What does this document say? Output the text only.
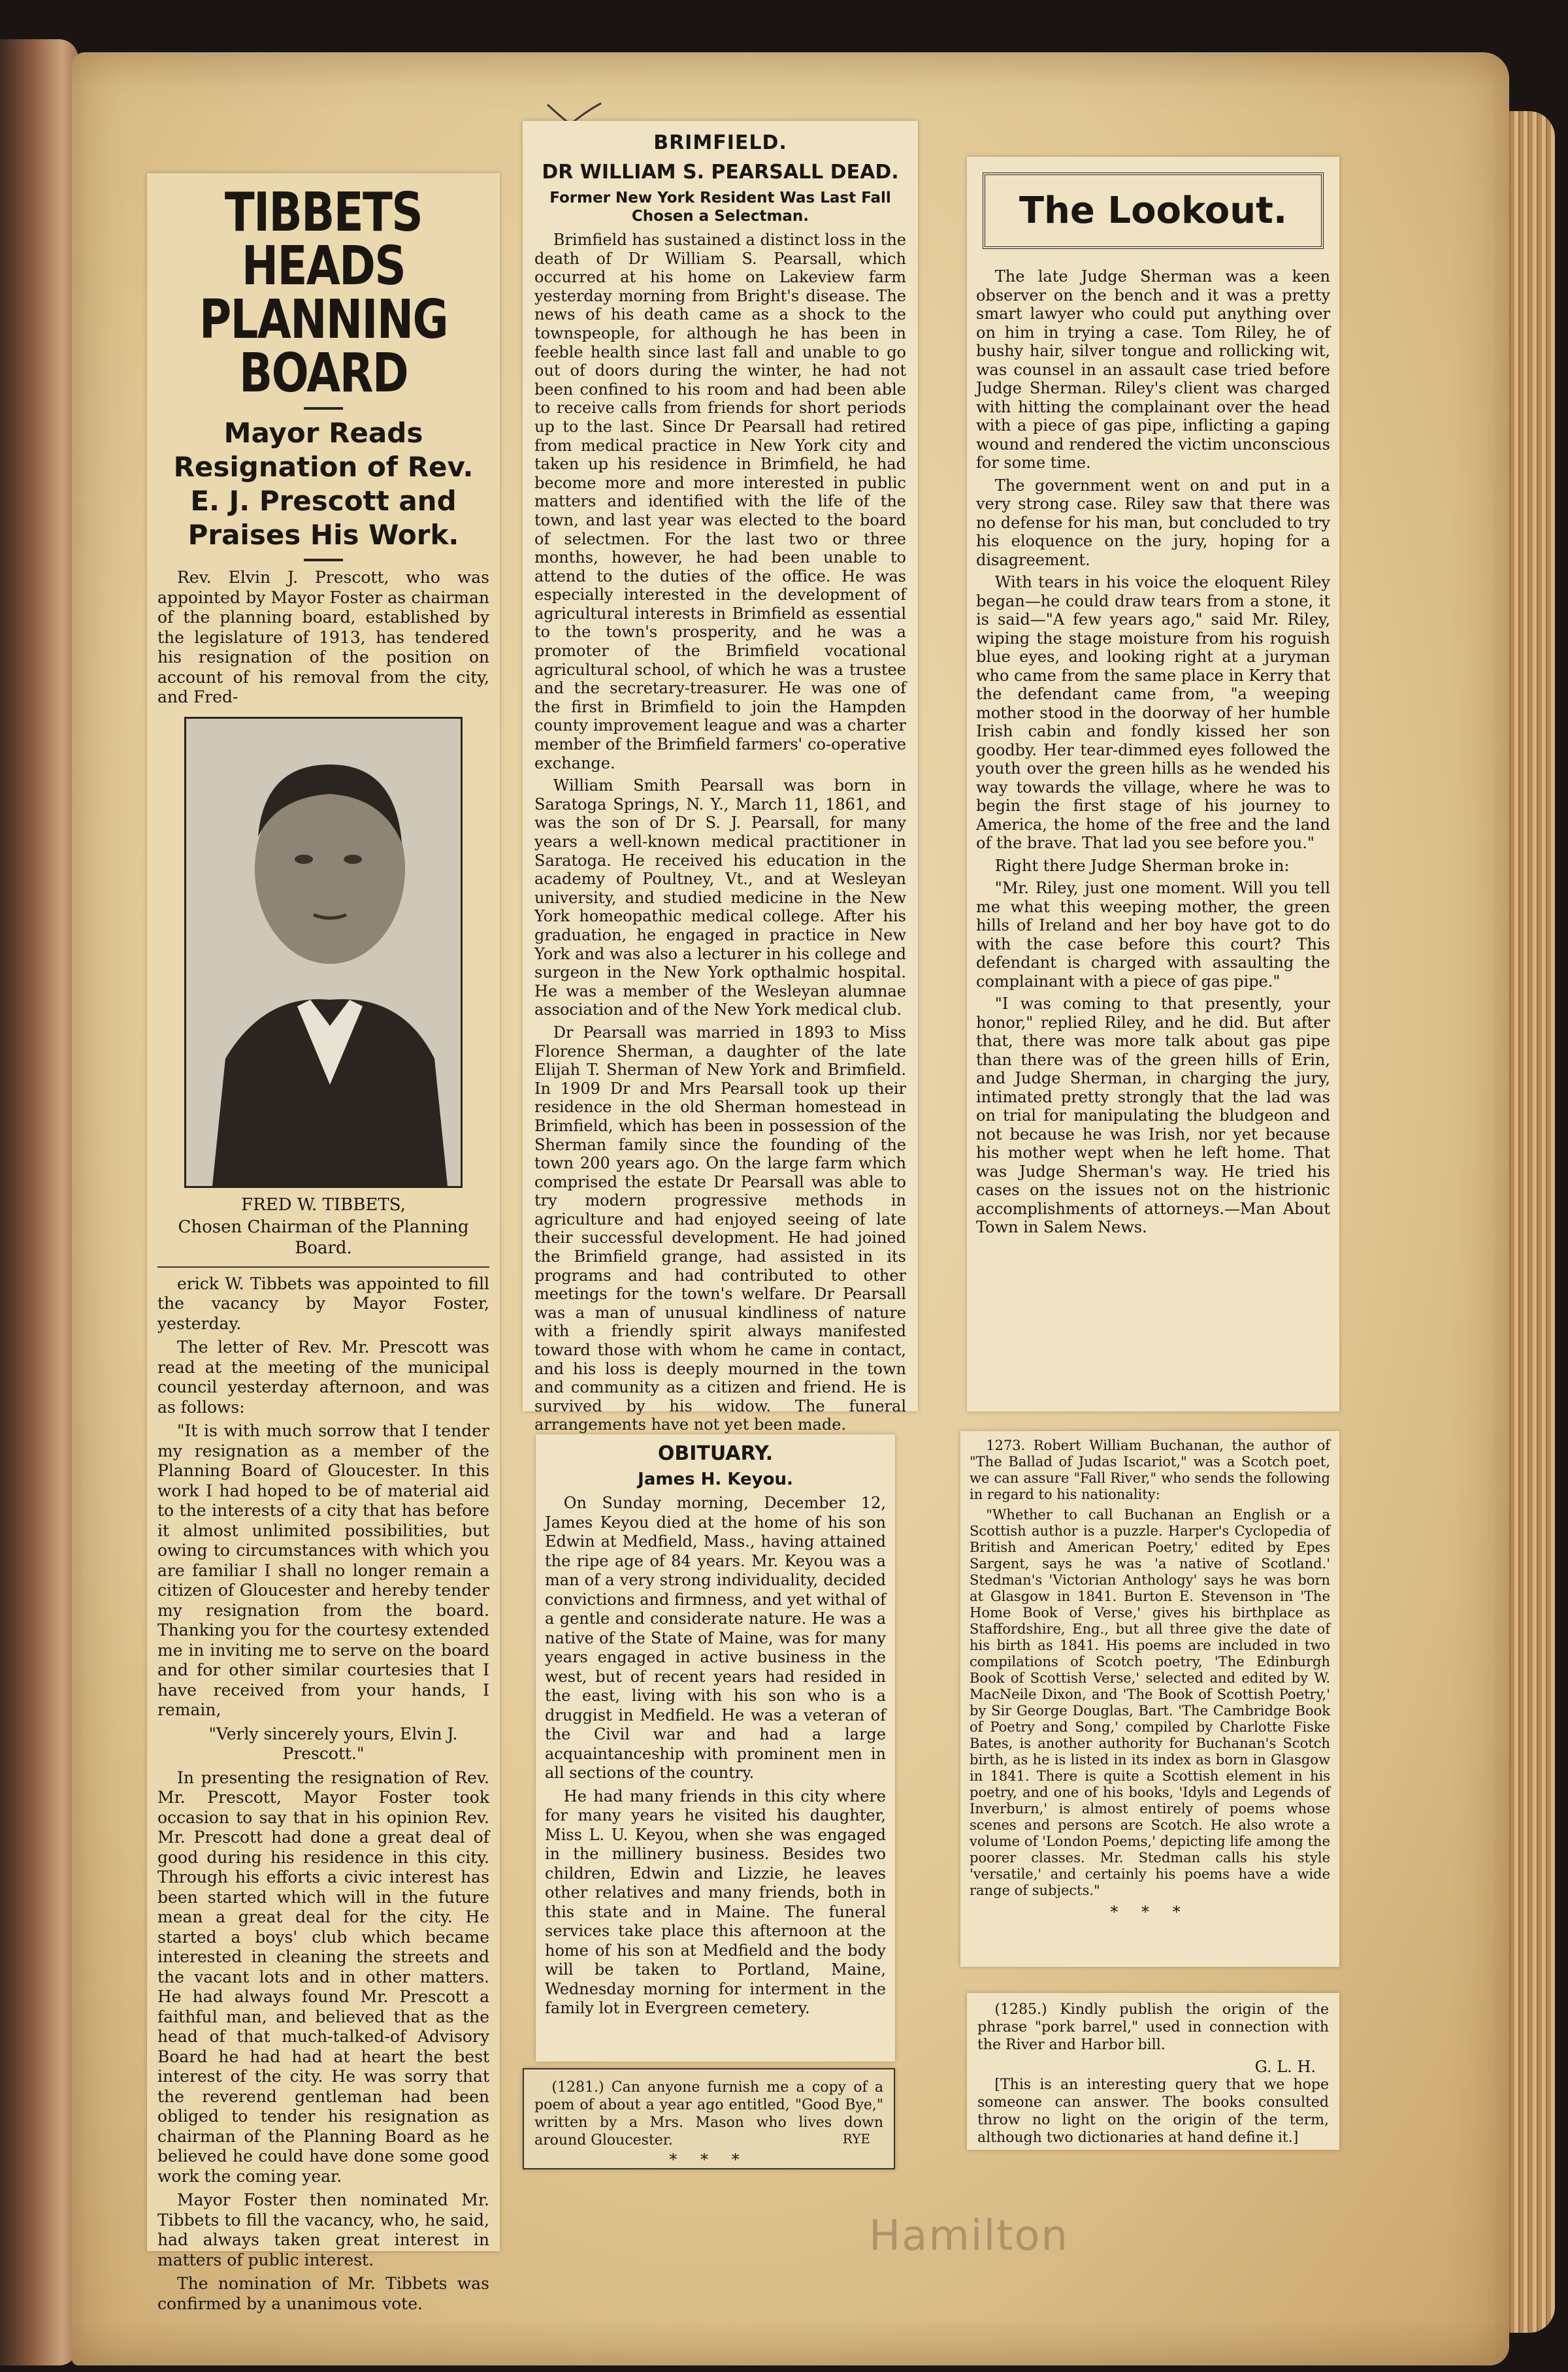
TIBBETS HEADS PLANNING BOARD
Mayor Reads Resignation of Rev. E. J. Prescott and Praises His Work.

Rev. Elvin J. Prescott, who was appointed by Mayor Foster as chairman of the planning board, established by the legislature of 1913, has tendered his resignation of the position on account of his removal from the city, and Fred-

FRED W. TIBBETS,
Chosen Chairman of the Planning Board.

erick W. Tibbets was appointed to fill the vacancy by Mayor Foster, yesterday.

The letter of Rev. Mr. Prescott was read at the meeting of the municipal council yesterday afternoon, and was as follows:

"It is with much sorrow that I tender my resignation as a member of the Planning Board of Gloucester. In this work I had hoped to be of material aid to the interests of a city that has before it almost unlimited possibilities, but owing to circumstances with which you are familiar I shall no longer remain a citizen of Gloucester and hereby tender my resignation from the board. Thanking you for the courtesy extended me in inviting me to serve on the board and for other similar courtesies that I have received from your hands, I remain,

"Verly sincerely yours, Elvin J. Prescott."

In presenting the resignation of Rev. Mr. Prescott, Mayor Foster took occasion to say that in his opinion Rev. Mr. Prescott had done a great deal of good during his residence in this city. Through his efforts a civic interest has been started which will in the future mean a great deal for the city. He started a boys' club which became interested in cleaning the streets and the vacant lots and in other matters. He had always found Mr. Prescott a faithful man, and believed that as the head of that much-talked-of Advisory Board he had had at heart the best interest of the city. He was sorry that the reverend gentleman had been obliged to tender his resignation as chairman of the Planning Board as he believed he could have done some good work the coming year.

Mayor Foster then nominated Mr. Tibbets to fill the vacancy, who, he said, had always taken great interest in matters of public interest.

The nomination of Mr. Tibbets was confirmed by a unanimous vote.

BRIMFIELD.
DR WILLIAM S. PEARSALL DEAD.
Former New York Resident Was Last Fall Chosen a Selectman.

Brimfield has sustained a distinct loss in the death of Dr William S. Pearsall, which occurred at his home on Lakeview farm yesterday morning from Bright's disease. The news of his death came as a shock to the townspeople, for although he has been in feeble health since last fall and unable to go out of doors during the winter, he had not been confined to his room and had been able to receive calls from friends for short periods up to the last. Since Dr Pearsall had retired from medical practice in New York city and taken up his residence in Brimfield, he had become more and more interested in public matters and identified with the life of the town, and last year was elected to the board of selectmen. For the last two or three months, however, he had been unable to attend to the duties of the office. He was especially interested in the development of agricultural interests in Brimfield as essential to the town's prosperity, and he was a promoter of the Brimfield vocational agricultural school, of which he was a trustee and the secretary-treasurer. He was one of the first in Brimfield to join the Hampden county improvement league and was a charter member of the Brimfield farmers' co-operative exchange.

William Smith Pearsall was born in Saratoga Springs, N. Y., March 11, 1861, and was the son of Dr S. J. Pearsall, for many years a well-known medical practitioner in Saratoga. He received his education in the academy of Poultney, Vt., and at Wesleyan university, and studied medicine in the New York homeopathic medical college. After his graduation, he engaged in practice in New York and was also a lecturer in his college and surgeon in the New York opthalmic hospital. He was a member of the Wesleyan alumnae association and of the New York medical club.

Dr Pearsall was married in 1893 to Miss Florence Sherman, a daughter of the late Elijah T. Sherman of New York and Brimfield. In 1909 Dr and Mrs Pearsall took up their residence in the old Sherman homestead in Brimfield, which has been in possession of the Sherman family since the founding of the town 200 years ago. On the large farm which comprised the estate Dr Pearsall was able to try modern progressive methods in agriculture and had enjoyed seeing of late their successful development. He had joined the Brimfield grange, had assisted in its programs and had contributed to other meetings for the town's welfare. Dr Pearsall was a man of unusual kindliness of nature with a friendly spirit always manifested toward those with whom he came in contact, and his loss is deeply mourned in the town and community as a citizen and friend. He is survived by his widow. The funeral arrangements have not yet been made.

OBITUARY.
James H. Keyou.

On Sunday morning, December 12, James Keyou died at the home of his son Edwin at Medfield, Mass., having attained the ripe age of 84 years. Mr. Keyou was a man of a very strong individuality, decided convictions and firmness, and yet withal of a gentle and considerate nature. He was a native of the State of Maine, was for many years engaged in active business in the west, but of recent years had resided in the east, living with his son who is a druggist in Medfield. He was a veteran of the Civil war and had a large acquaintanceship with prominent men in all sections of the country.

He had many friends in this city where for many years he visited his daughter, Miss L. U. Keyou, when she was engaged in the millinery business. Besides two children, Edwin and Lizzie, he leaves other relatives and many friends, both in this state and in Maine. The funeral services take place this afternoon at the home of his son at Medfield and the body will be taken to Portland, Maine, Wednesday morning for interment in the family lot in Evergreen cemetery.

(1281.) Can anyone furnish me a copy of a poem of about a year ago entitled, "Good Bye," written by a Mrs. Mason who lives down around Gloucester.	RYE
* * *
The Lookout.

The late Judge Sherman was a keen observer on the bench and it was a pretty smart lawyer who could put anything over on him in trying a case. Tom Riley, he of bushy hair, silver tongue and rollicking wit, was counsel in an assault case tried before Judge Sherman. Riley's client was charged with hitting the complainant over the head with a piece of gas pipe, inflicting a gaping wound and rendered the victim unconscious for some time.

The government went on and put in a very strong case. Riley saw that there was no defense for his man, but concluded to try his eloquence on the jury, hoping for a disagreement.

With tears in his voice the eloquent Riley began—he could draw tears from a stone, it is said—"A few years ago," said Mr. Riley, wiping the stage moisture from his roguish blue eyes, and looking right at a juryman who came from the same place in Kerry that the defendant came from, "a weeping mother stood in the doorway of her humble Irish cabin and fondly kissed her son goodby. Her tear-dimmed eyes followed the youth over the green hills as he wended his way towards the village, where he was to begin the first stage of his journey to America, the home of the free and the land of the brave. That lad you see before you."

Right there Judge Sherman broke in:

"Mr. Riley, just one moment. Will you tell me what this weeping mother, the green hills of Ireland and her boy have got to do with the case before this court? This defendant is charged with assaulting the complainant with a piece of gas pipe."

"I was coming to that presently, your honor," replied Riley, and he did. But after that, there was more talk about gas pipe than there was of the green hills of Erin, and Judge Sherman, in charging the jury, intimated pretty strongly that the lad was on trial for manipulating the bludgeon and not because he was Irish, nor yet because his mother wept when he left home. That was Judge Sherman's way. He tried his cases on the issues not on the histrionic accomplishments of attorneys.—Man About Town in Salem News.

1273. Robert William Buchanan, the author of "The Ballad of Judas Iscariot," was a Scotch poet, we can assure "Fall River," who sends the following in regard to his nationality:

"Whether to call Buchanan an English or a Scottish author is a puzzle. Harper's Cyclopedia of British and American Poetry,' edited by Epes Sargent, says he was 'a native of Scotland.' Stedman's 'Victorian Anthology' says he was born at Glasgow in 1841. Burton E. Stevenson in 'The Home Book of Verse,' gives his birthplace as Staffordshire, Eng., but all three give the date of his birth as 1841. His poems are included in two compilations of Scotch poetry, 'The Edinburgh Book of Scottish Verse,' selected and edited by W. MacNeile Dixon, and 'The Book of Scottish Poetry,' by Sir George Douglas, Bart. 'The Cambridge Book of Poetry and Song,' compiled by Charlotte Fiske Bates, is another authority for Buchanan's Scotch birth, as he is listed in its index as born in Glasgow in 1841. There is quite a Scottish element in his poetry, and one of his books, 'Idyls and Legends of Inverburn,' is almost entirely of poems whose scenes and persons are Scotch. He also wrote a volume of 'London Poems,' depicting life among the poorer classes. Mr. Stedman calls his style 'versatile,' and certainly his poems have a wide range of subjects."

* * *

(1285.) Kindly publish the origin of the phrase "pork barrel," used in connection with the River and Harbor bill.

G. L. H.

[This is an interesting query that we hope someone can answer. The books consulted throw no light on the origin of the term, although two dictionaries at hand define it.]

Hamilton
